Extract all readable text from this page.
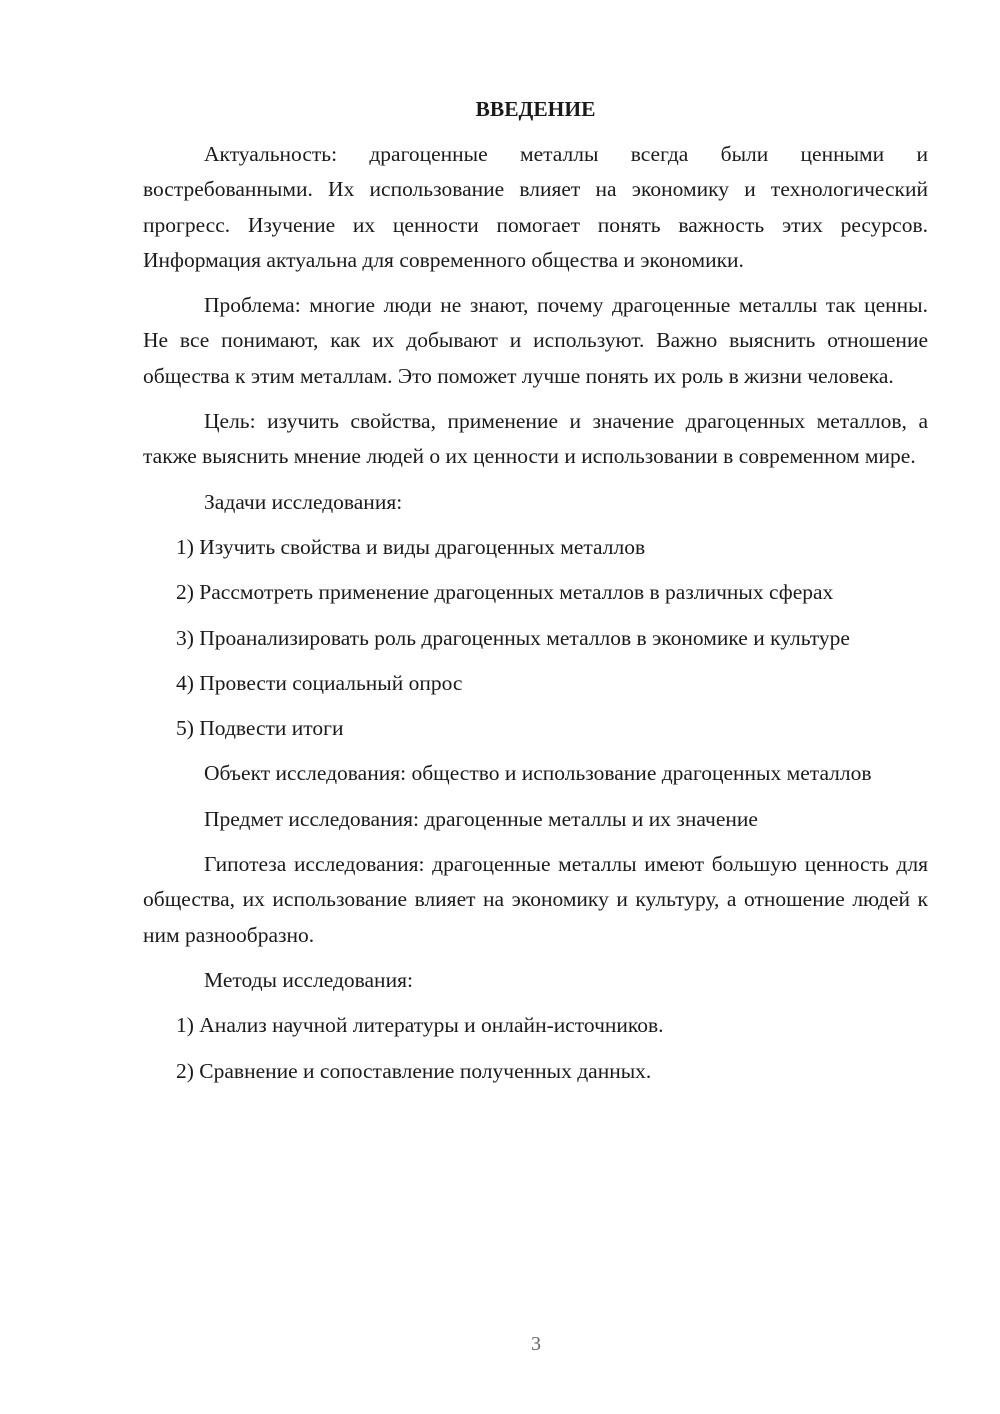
ВВЕДЕНИЕ

Актуальность: драгоценные металлы всегда были ценными и востребованными. Их использование влияет на экономику и технологический прогресс. Изучение их ценности помогает понять важность этих ресурсов. Информация актуальна для современного общества и экономики.

Проблема: многие люди не знают, почему драгоценные металлы так ценны. Не все понимают, как их добывают и используют. Важно выяснить отношение общества к этим металлам. Это поможет лучше понять их роль в жизни человека.

Цель: изучить свойства, применение и значение драгоценных металлов, а также выяснить мнение людей о их ценности и использовании в современном мире.

Задачи исследования:

1) Изучить свойства и виды драгоценных металлов

2) Рассмотреть применение драгоценных металлов в различных сферах

3) Проанализировать роль драгоценных металлов в экономике и культуре

4) Провести социальный опрос

5) Подвести итоги

Объект исследования: общество и использование драгоценных металлов

Предмет исследования: драгоценные металлы и их значение

Гипотеза исследования: драгоценные металлы имеют большую ценность для общества, их использование влияет на экономику и культуру, а отношение людей к ним разнообразно.

Методы исследования:

1) Анализ научной литературы и онлайн-источников.

2) Сравнение и сопоставление полученных данных.

3
